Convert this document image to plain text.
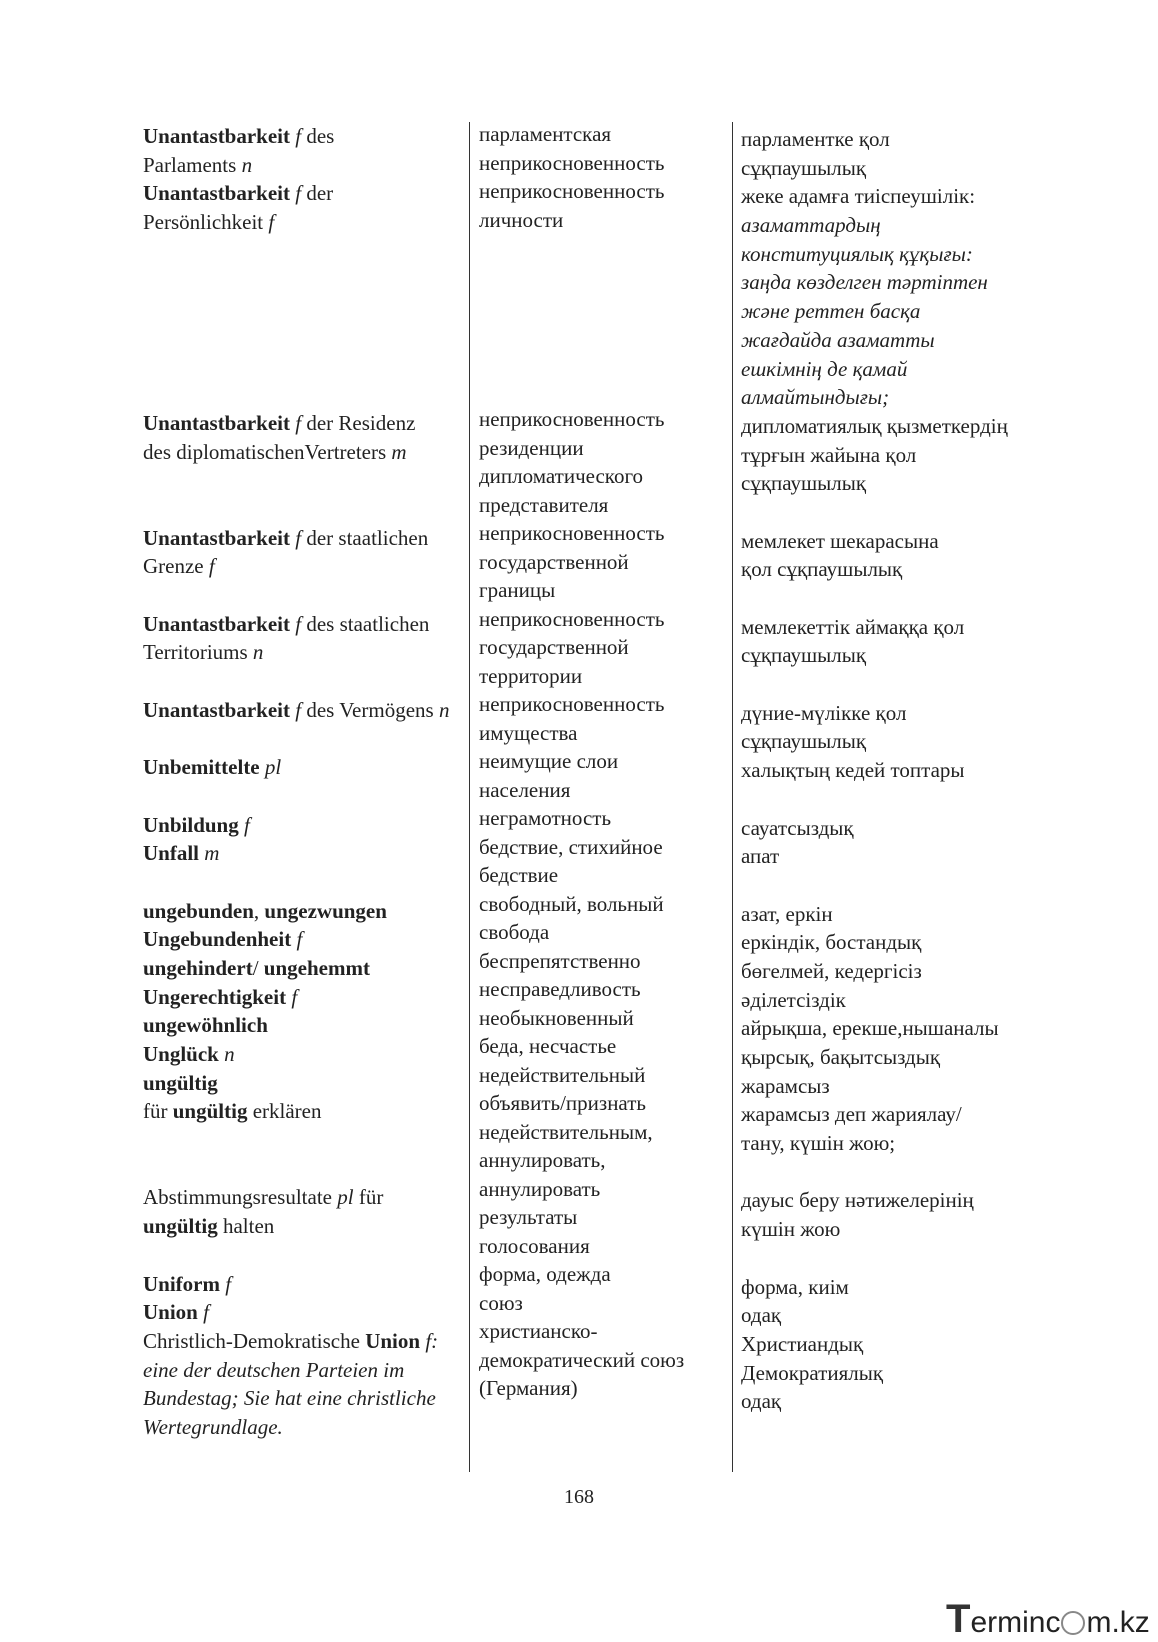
Unantastbarkeit f des
Parlaments n
Unantastbarkeit f der
Persönlichkeit f
Unantastbarkeit f der Residenz
des diplomatischenVertreters m
Unantastbarkeit f der staatlichen
Grenze f
Unantastbarkeit f des staatlichen
Territoriums n
Unantastbarkeit f des Vermögens n
Unbemittelte pl
Unbildung f
Unfall m
ungebunden, ungezwungen
Ungebundenheit f
ungehindert/ ungehemmt
Ungerechtigkeit f
ungewöhnlich
Unglück n
ungültig
für ungültig erklären
Abstimmungsresultate pl für
ungültig halten
Uniform f
Union f
Christlich-Demokratische Union f:
eine der deutschen Parteien im
Bundestag; Sie hat eine christliche
Wertegrundlage.
парламентская
неприкосновенность
неприкосновенность
личности
неприкосновенность
резиденции
дипломатического
представителя
неприкосновенность
государственной
границы
неприкосновенность
государственной
территории
неприкосновенность
имущества
неимущие слои
населения
неграмотность
бедствие, стихийное
бедствие
свободный, вольный
свобода
беспрепятственно
несправедливость
необыкновенный
беда, несчастье
недействительный
объявить/признать
недействительным,
аннулировать,
аннулировать
результаты
голосования
форма, одежда
союз
христианско-
демократический союз
(Германия)
парламентке қол
сұқпаушылық
жеке адамға тиіспеушілік:
азаматтардың
конституциялық құқығы:
заңда көзделген тәртіптен
және реттен басқа
жағдайда азаматты
ешкімнің де қамай
алмайтындығы;
дипломатиялық қызметкердің
тұрғын жайына қол
сұқпаушылық
мемлекет шекарасына
қол сұқпаушылық
мемлекеттік аймаққа қол
сұқпаушылық
дүние-мүлікке қол
сұқпаушылық
халықтың кедей топтары
сауатсыздық
апат
азат, еркін
еркіндік, бостандық
бөгелмей, кедергісіз
әділетсіздік
айрықша, ерекше,нышаналы
қырсық, бақытсыздық
жарамсыз
жарамсыз деп жариялау/
тану, күшін жою;
дауыс беру нәтижелерінің
күшін жою
форма, киім
одақ
Христиандық
Демократиялық
одақ
168
Terminc m.kz
